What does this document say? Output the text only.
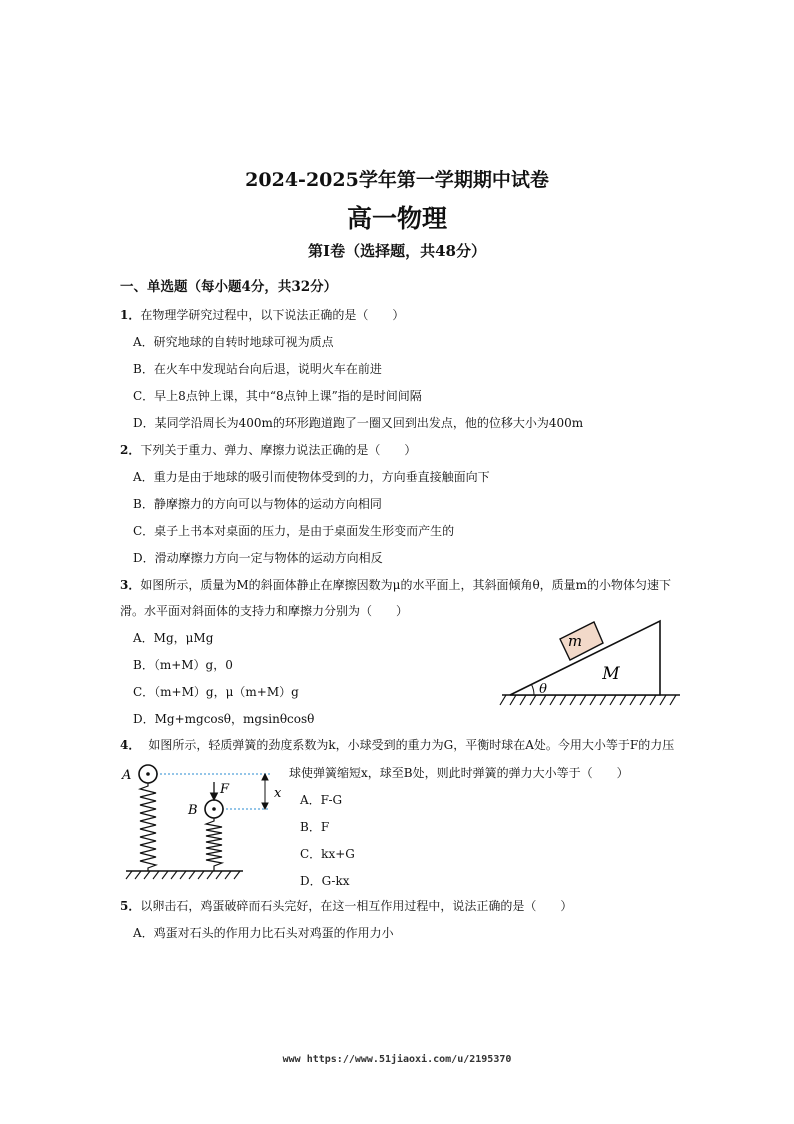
2024-2025学年第一学期期中试卷
高一物理
第Ⅰ卷（选择题，共48分）
一、单选题（每小题4分，共32分）
1．在物理学研究过程中，以下说法正确的是（　　）
A．研究地球的自转时地球可视为质点
B．在火车中发现站台向后退，说明火车在前进
C．早上8点钟上课，其中“8点钟上课”指的是时间间隔
D．某同学沿周长为400m的环形跑道跑了一圈又回到出发点，他的位移大小为400m
2．下列关于重力、弹力、摩擦力说法正确的是（　　）
A．重力是由于地球的吸引而使物体受到的力，方向垂直接触面向下
B．静摩擦力的方向可以与物体的运动方向相同
C．桌子上书本对桌面的压力，是由于桌面发生形变而产生的
D．滑动摩擦力方向一定与物体的运动方向相反
3．如图所示，质量为M的斜面体静止在摩擦因数为μ的水平面上，其斜面倾角θ，质量m的小物体匀速下
滑。水平面对斜面体的支持力和摩擦力分别为（　　）
A．Mg，μMg
B．（m+M）g，0
C．（m+M）g，μ（m+M）g
D．Mg+mgcosθ，mgsinθcosθ
m
M
θ
4． 如图所示，轻质弹簧的劲度系数为k，小球受到的重力为G，平衡时球在A处。今用大小等于F的力压
球使弹簧缩短x，球至B处，则此时弹簧的弹力大小等于（　　）
A．F-G
B．F
C．kx+G
D．G-kx
x
A
B
F
5．以卵击石，鸡蛋破碎而石头完好，在这一相互作用过程中，说法正确的是（　　）
A．鸡蛋对石头的作用力比石头对鸡蛋的作用力小
www https://www.51jiaoxi.com/u/2195370
